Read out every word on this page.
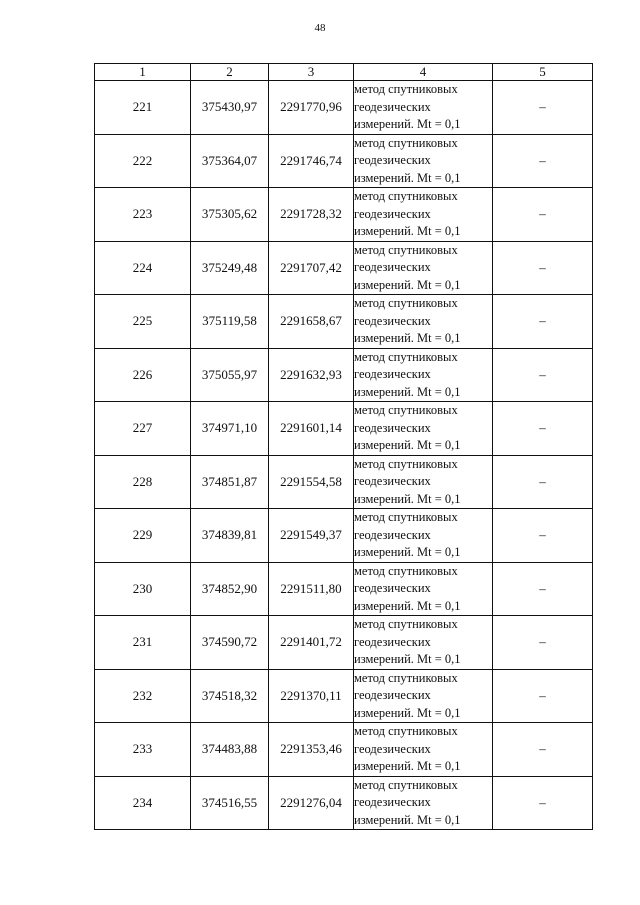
48
1	2	3	4	5
221	375430,97	2291770,96	метод спутниковых
геодезических
измерений. Mt = 0,1	–
222	375364,07	2291746,74	метод спутниковых
геодезических
измерений. Mt = 0,1	–
223	375305,62	2291728,32	метод спутниковых
геодезических
измерений. Mt = 0,1	–
224	375249,48	2291707,42	метод спутниковых
геодезических
измерений. Mt = 0,1	–
225	375119,58	2291658,67	метод спутниковых
геодезических
измерений. Mt = 0,1	–
226	375055,97	2291632,93	метод спутниковых
геодезических
измерений. Mt = 0,1	–
227	374971,10	2291601,14	метод спутниковых
геодезических
измерений. Mt = 0,1	–
228	374851,87	2291554,58	метод спутниковых
геодезических
измерений. Mt = 0,1	–
229	374839,81	2291549,37	метод спутниковых
геодезических
измерений. Mt = 0,1	–
230	374852,90	2291511,80	метод спутниковых
геодезических
измерений. Mt = 0,1	–
231	374590,72	2291401,72	метод спутниковых
геодезических
измерений. Mt = 0,1	–
232	374518,32	2291370,11	метод спутниковых
геодезических
измерений. Mt = 0,1	–
233	374483,88	2291353,46	метод спутниковых
геодезических
измерений. Mt = 0,1	–
234	374516,55	2291276,04	метод спутниковых
геодезических
измерений. Mt = 0,1	–
